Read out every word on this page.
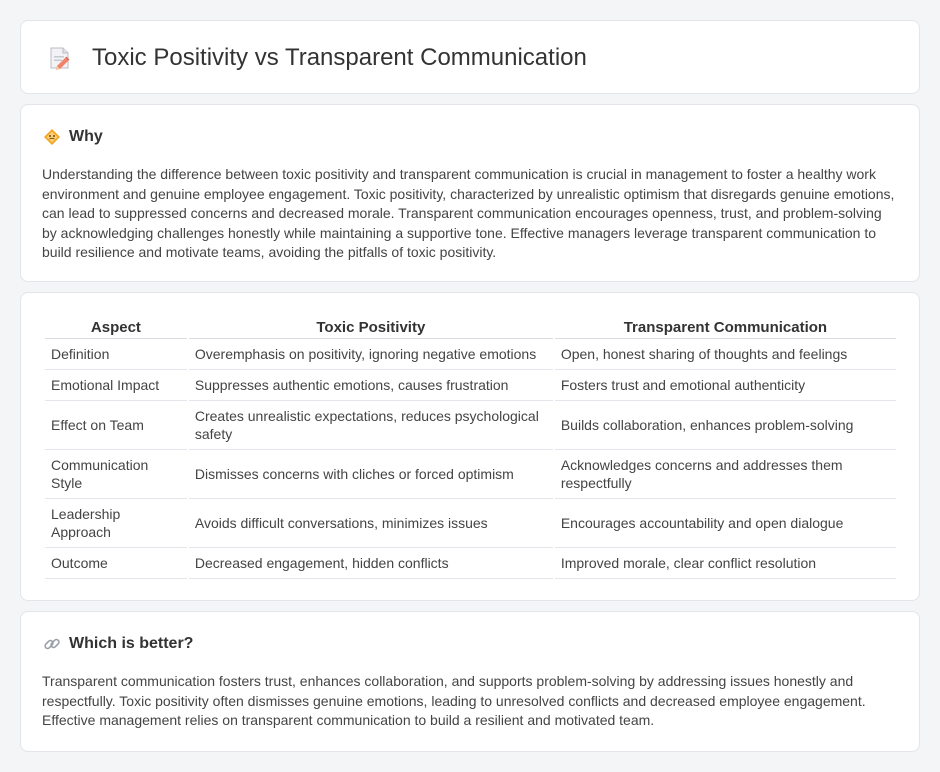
Toxic Positivity vs Transparent Communication
Why

Understanding the difference between toxic positivity and transparent communication is crucial in management to foster a healthy work environment and genuine employee engagement. Toxic positivity, characterized by unrealistic optimism that disregards genuine emotions, can lead to suppressed concerns and decreased morale. Transparent communication encourages openness, trust, and problem-solving by acknowledging challenges honestly while maintaining a supportive tone. Effective managers leverage transparent communication to build resilience and motivate teams, avoiding the pitfalls of toxic positivity.

Aspect	Toxic Positivity	Transparent Communication
Definition	Overemphasis on positivity, ignoring negative emotions	Open, honest sharing of thoughts and feelings
Emotional Impact	Suppresses authentic emotions, causes frustration	Fosters trust and emotional authenticity
Effect on Team	Creates unrealistic expectations, reduces psychological safety	Builds collaboration, enhances problem-solving
Communication Style	Dismisses concerns with cliches or forced optimism	Acknowledges concerns and addresses them respectfully
Leadership Approach	Avoids difficult conversations, minimizes issues	Encourages accountability and open dialogue
Outcome	Decreased engagement, hidden conflicts	Improved morale, clear conflict resolution
Which is better?

Transparent communication fosters trust, enhances collaboration, and supports problem-solving by addressing issues honestly and respectfully. Toxic positivity often dismisses genuine emotions, leading to unresolved conflicts and decreased employee engagement. Effective management relies on transparent communication to build a resilient and motivated team.
